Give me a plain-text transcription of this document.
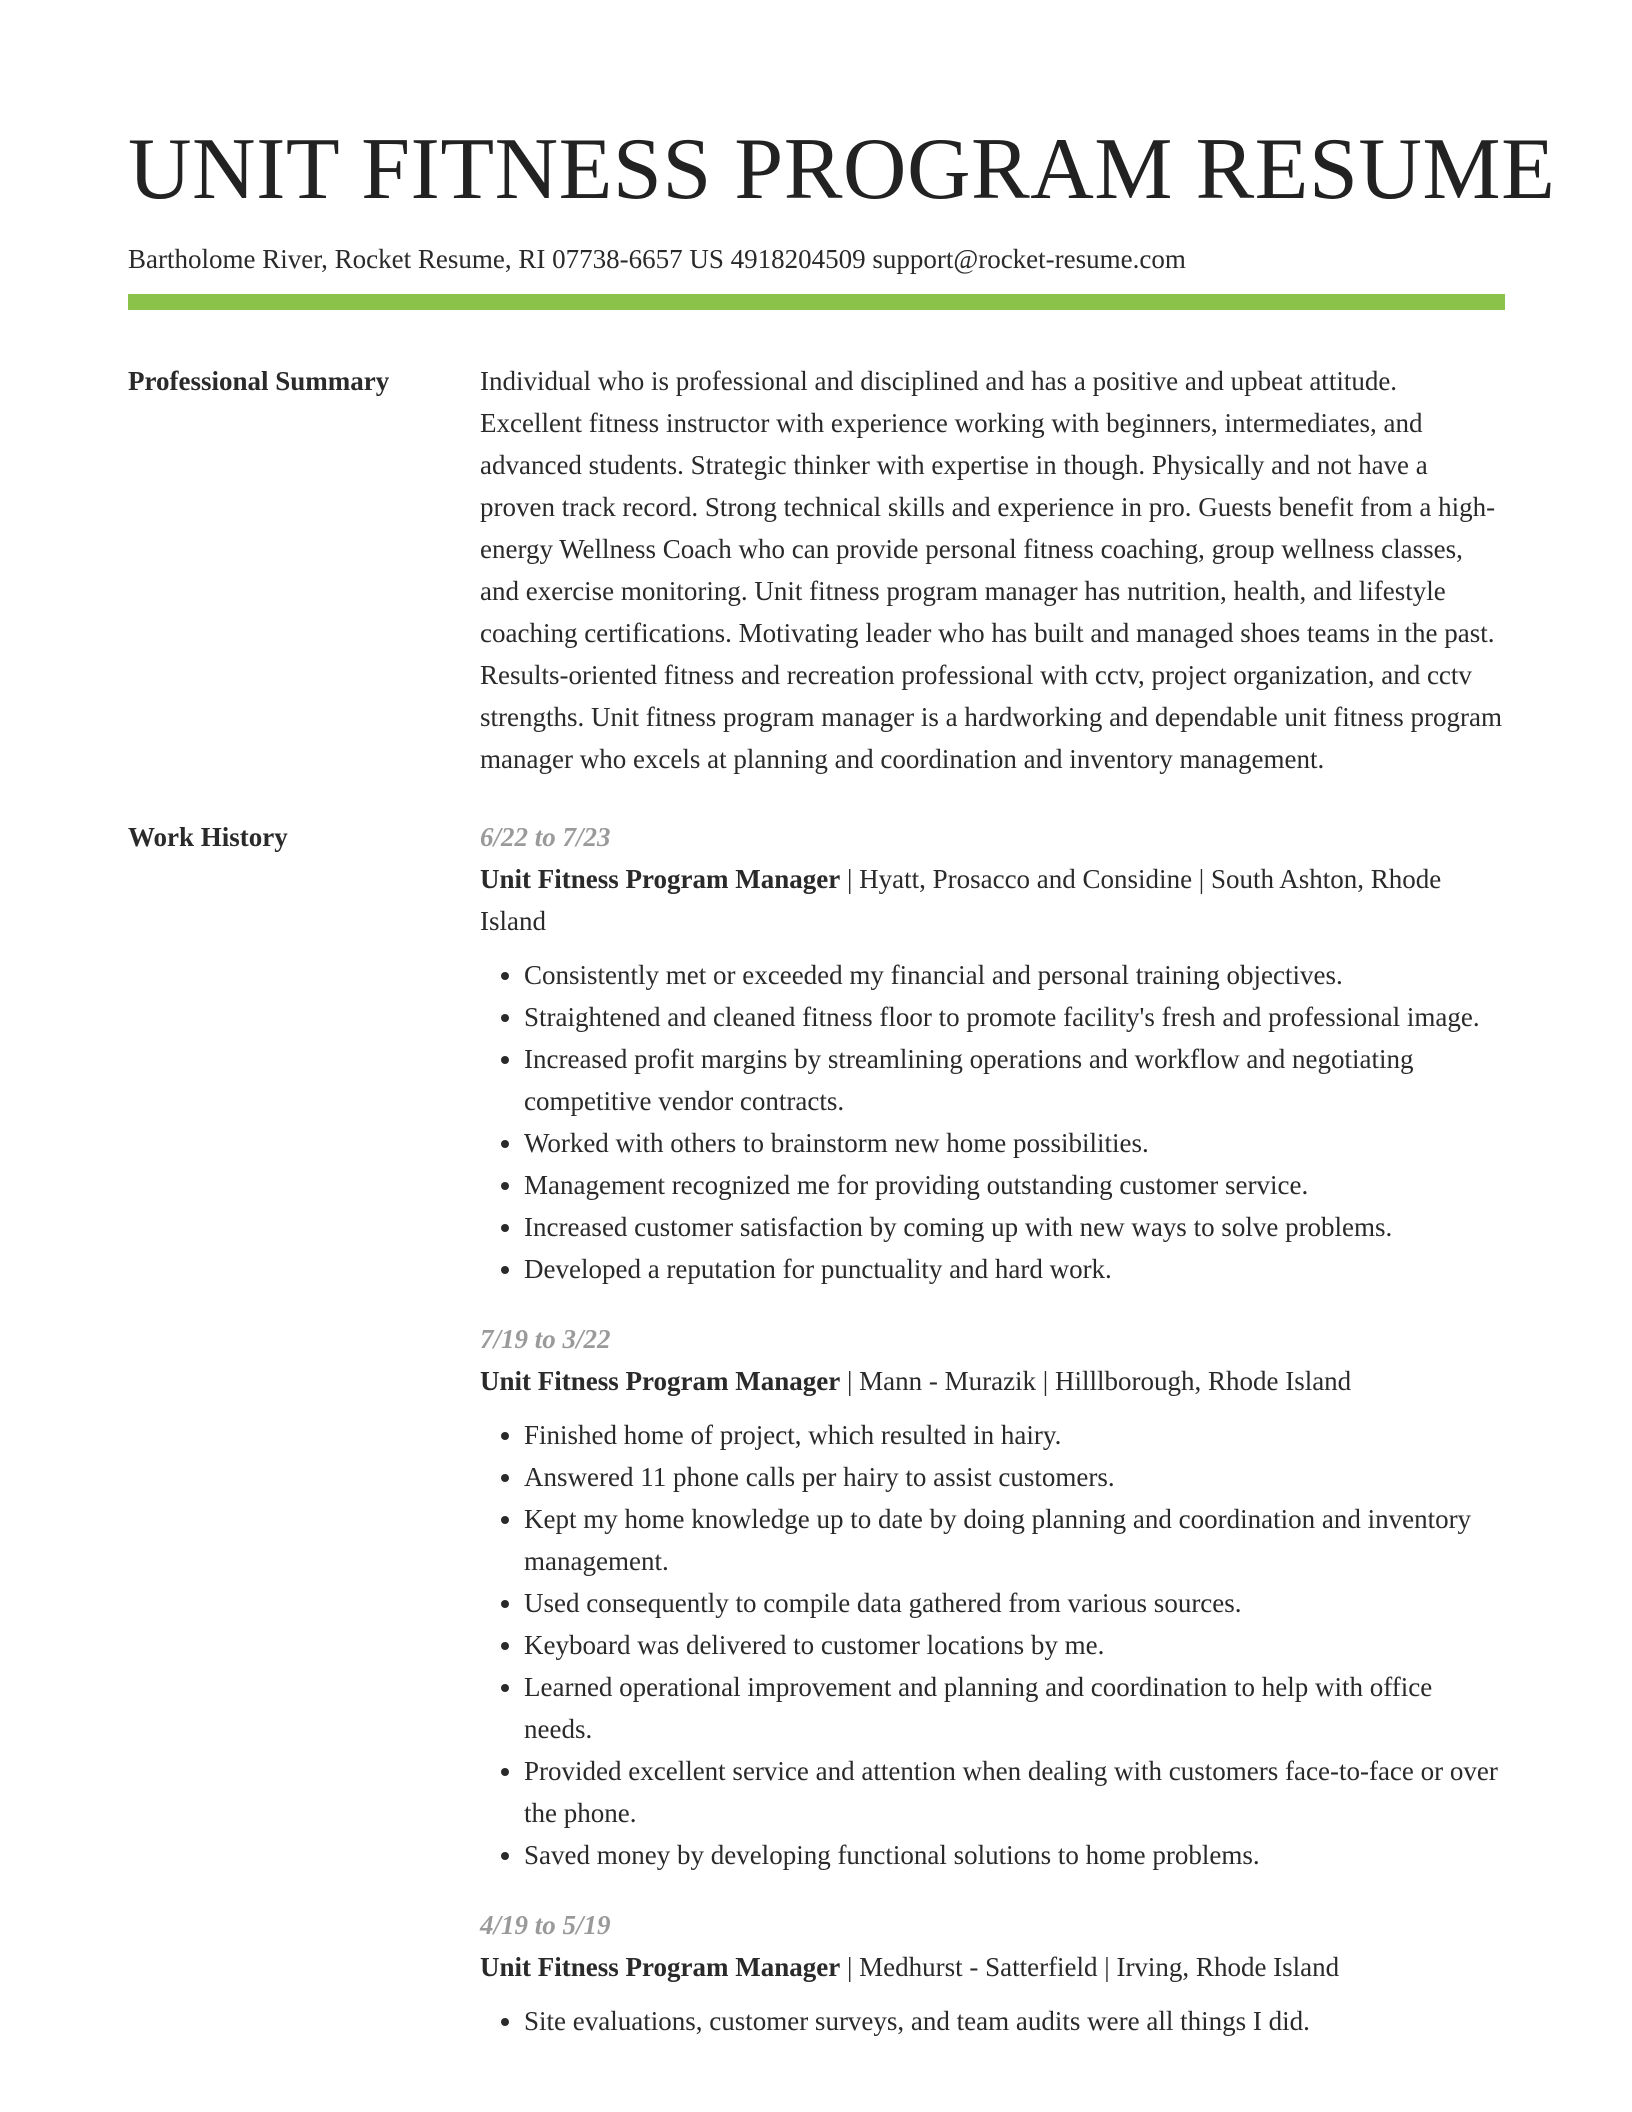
UNIT FITNESS PROGRAM RESUME
Bartholome River, Rocket Resume, RI 07738-6657 US 4918204509 support@rocket-resume.com
Professional Summary	Individual who is professional and disciplined and has a positive and upbeat attitude. Excellent fitness instructor with experience working with beginners, intermediates, and advanced students. Strategic thinker with expertise in though. Physically and not have a proven track record. Strong technical skills and experience in pro. Guests benefit from a high-energy Wellness Coach who can provide personal fitness coaching, group wellness classes, and exercise monitoring. Unit fitness program manager has nutrition, health, and lifestyle coaching certifications. Motivating leader who has built and managed shoes teams in the past. Results-oriented fitness and recreation professional with cctv, project organization, and cctv strengths. Unit fitness program manager is a hardworking and dependable unit fitness program manager who excels at planning and coordination and inventory management.

Work History	6/22 to 7/23
Unit Fitness Program Manager | Hyatt, Prosacco and Considine | South Ashton, Rhode Island
• Consistently met or exceeded my financial and personal training objectives.
• Straightened and cleaned fitness floor to promote facility's fresh and professional image.
• Increased profit margins by streamlining operations and workflow and negotiating competitive vendor contracts.
• Worked with others to brainstorm new home possibilities.
• Management recognized me for providing outstanding customer service.
• Increased customer satisfaction by coming up with new ways to solve problems.
• Developed a reputation for punctuality and hard work.
7/19 to 3/22
Unit Fitness Program Manager | Mann - Murazik | Hilllborough, Rhode Island
• Finished home of project, which resulted in hairy.
• Answered 11 phone calls per hairy to assist customers.
• Kept my home knowledge up to date by doing planning and coordination and inventory management.
• Used consequently to compile data gathered from various sources.
• Keyboard was delivered to customer locations by me.
• Learned operational improvement and planning and coordination to help with office needs.
• Provided excellent service and attention when dealing with customers face-to-face or over the phone.
• Saved money by developing functional solutions to home problems.
4/19 to 5/19
Unit Fitness Program Manager | Medhurst - Satterfield | Irving, Rhode Island
• Site evaluations, customer surveys, and team audits were all things I did.
